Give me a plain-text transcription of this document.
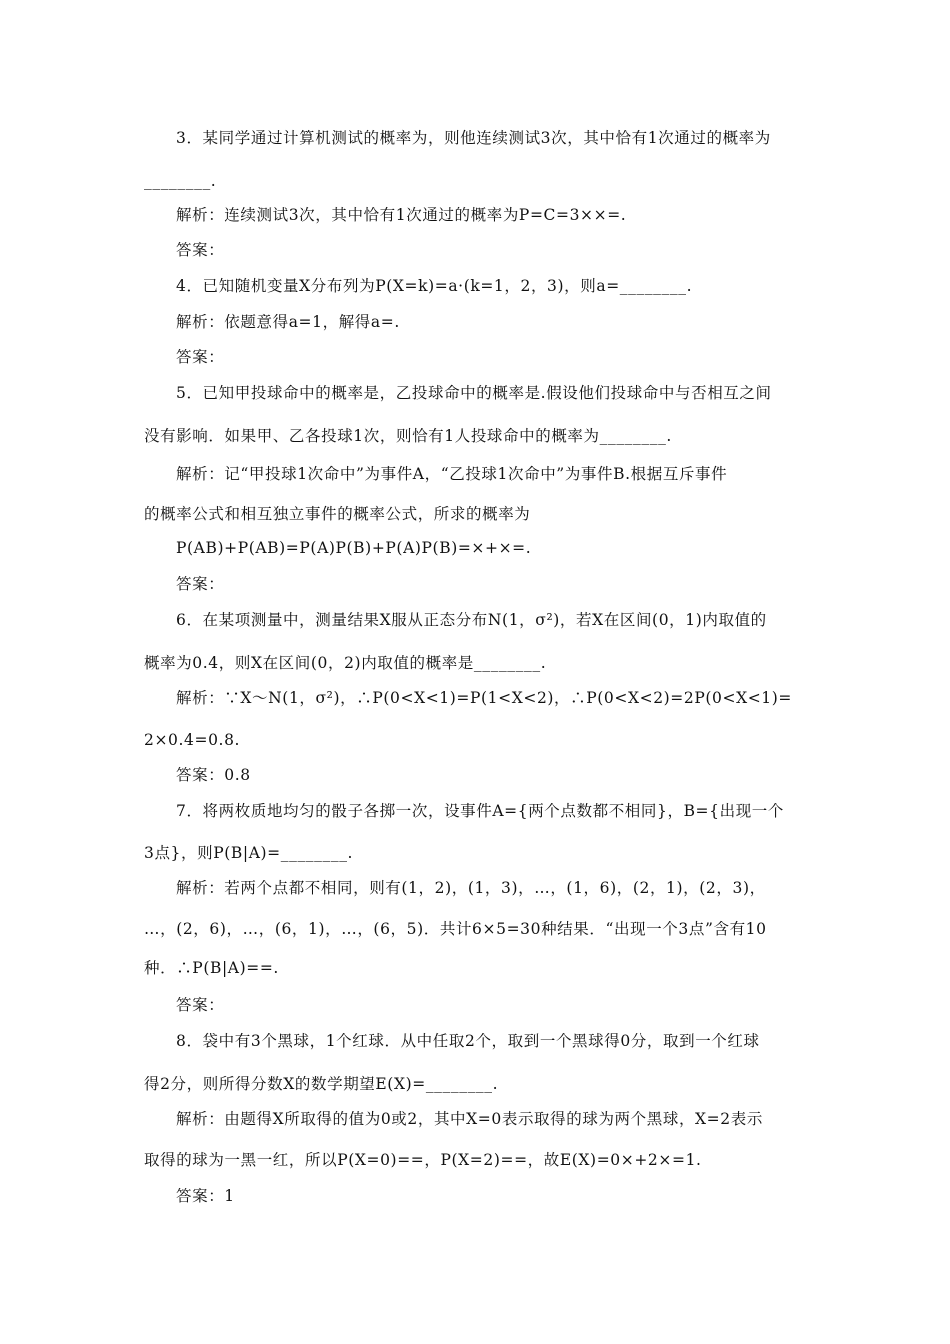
3．某同学通过计算机测试的概率为，则他连续测试3次，其中恰有1次通过的概率为
________.
解析：连续测试3次，其中恰有1次通过的概率为P=C=3××=.
答案：
4．已知随机变量X分布列为P(X=k)=a·(k=1，2，3)，则a=________.
解析：依题意得a=1，解得a=.
答案：
5．已知甲投球命中的概率是，乙投球命中的概率是.假设他们投球命中与否相互之间
没有影响．如果甲、乙各投球1次，则恰有1人投球命中的概率为________.
解析：记“甲投球1次命中”为事件A，“乙投球1次命中”为事件B.根据互斥事件
的概率公式和相互独立事件的概率公式，所求的概率为
P(AB)+P(AB)=P(A)P(B)+P(A)P(B)=×+×=.
答案：
6．在某项测量中，测量结果X服从正态分布N(1，σ²)，若X在区间(0，1)内取值的
概率为0.4，则X在区间(0，2)内取值的概率是________.
解析：∵X～N(1，σ²)，∴P(0<X<1)=P(1<X<2)，∴P(0<X<2)=2P(0<X<1)=
2×0.4=0.8.
答案：0.8
7．将两枚质地均匀的骰子各掷一次，设事件A={两个点数都不相同}，B={出现一个
3点}，则P(B|A)=________.
解析：若两个点都不相同，则有(1，2)，(1，3)，…，(1，6)，(2，1)，(2，3)，
…，(2，6)，…，(6，1)，…，(6，5)．共计6×5=30种结果．“出现一个3点”含有10
种．∴P(B|A)==.
答案：
8．袋中有3个黑球，1个红球．从中任取2个，取到一个黑球得0分，取到一个红球
得2分，则所得分数X的数学期望E(X)=________.
解析：由题得X所取得的值为0或2，其中X=0表示取得的球为两个黑球，X=2表示
取得的球为一黑一红，所以P(X=0)==，P(X=2)==，故E(X)=0×+2×=1.
答案：1
